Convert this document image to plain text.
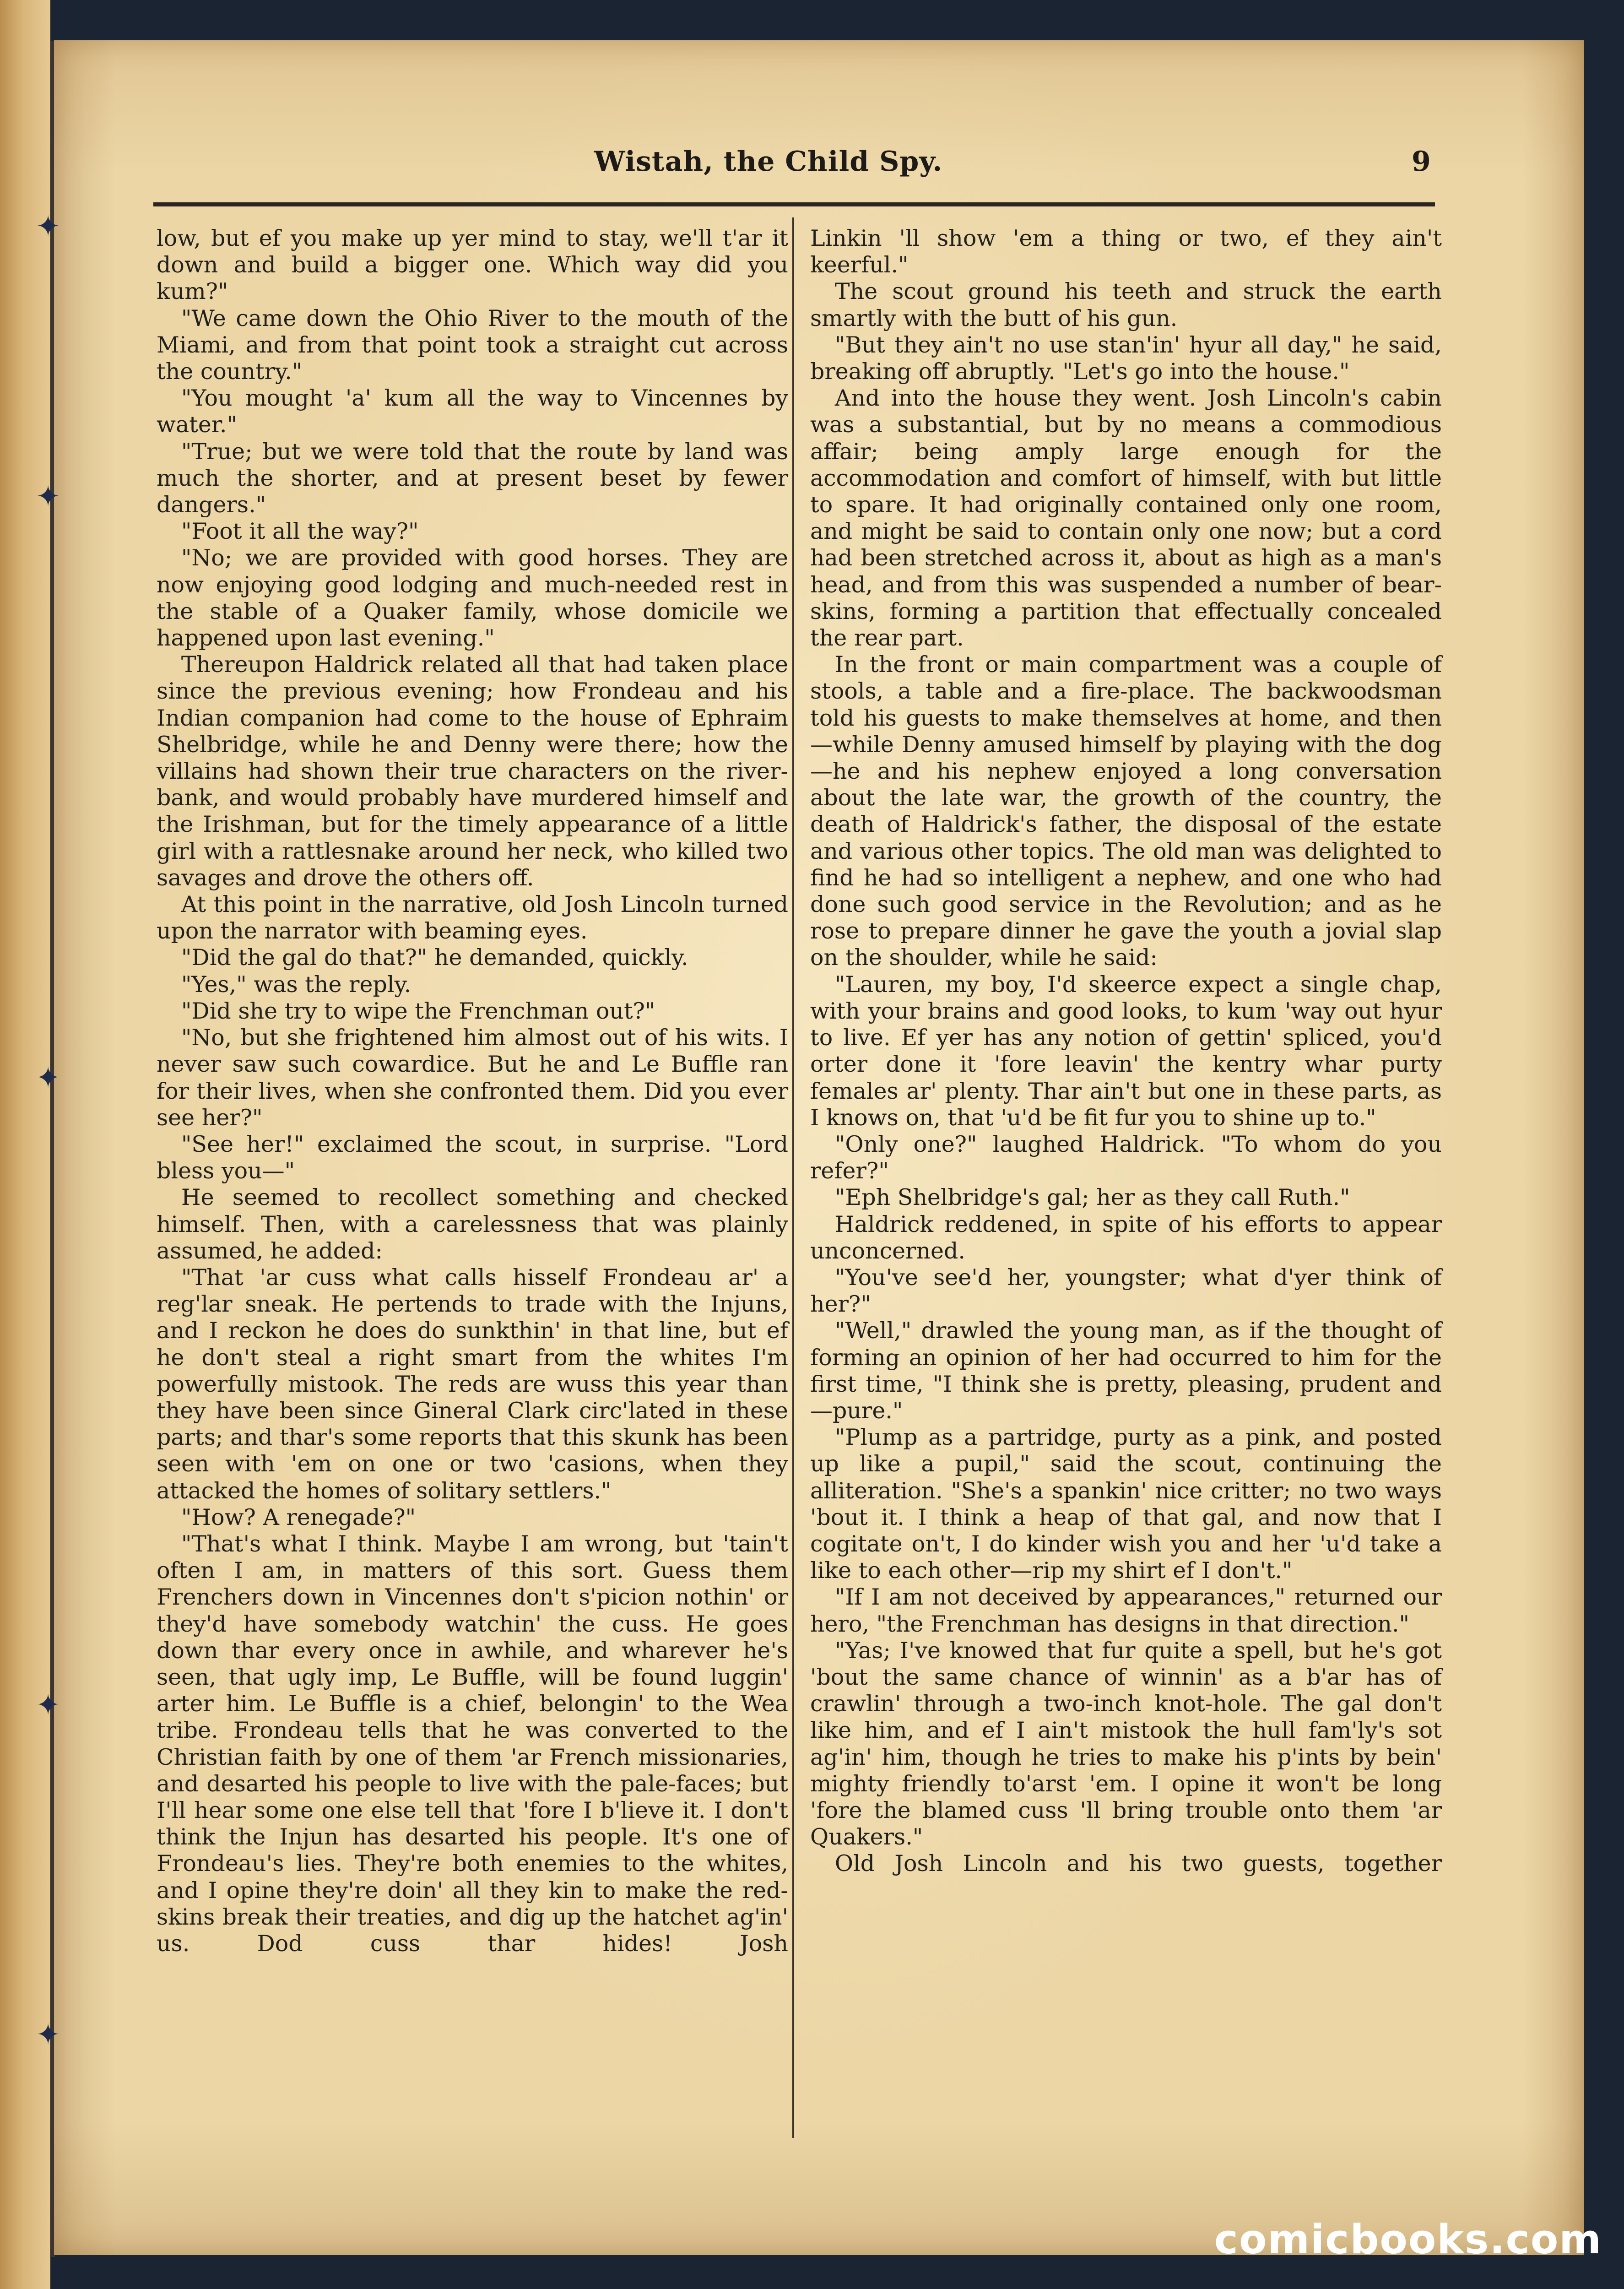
✦
✦
✦
✦
✦
Wistah, the Child Spy.	9

low, but ef you make up yer mind to stay, we'll t'ar it down and build a bigger one. Which way did you kum?"

"We came down the Ohio River to the mouth of the Miami, and from that point took a straight cut across the country."

"You mought 'a' kum all the way to Vincennes by water."

"True; but we were told that the route by land was much the shorter, and at present beset by fewer dangers."

"Foot it all the way?"

"No; we are provided with good horses. They are now enjoying good lodging and much-needed rest in the stable of a Quaker family, whose domicile we happened upon last evening."

Thereupon Haldrick related all that had taken place since the previous evening; how Frondeau and his Indian companion had come to the house of Ephraim Shelbridge, while he and Denny were there; how the villains had shown their true characters on the river-bank, and would probably have murdered himself and the Irishman, but for the timely appearance of a little girl with a rattlesnake around her neck, who killed two savages and drove the others off.

At this point in the narrative, old Josh Lincoln turned upon the narrator with beaming eyes.

"Did the gal do that?" he demanded, quickly.

"Yes," was the reply.

"Did she try to wipe the Frenchman out?"

"No, but she frightened him almost out of his wits. I never saw such cowardice. But he and Le Buffle ran for their lives, when she confronted them. Did you ever see her?"

"See her!" exclaimed the scout, in surprise. "Lord bless you—"

He seemed to recollect something and checked himself. Then, with a carelessness that was plainly assumed, he added:

"That 'ar cuss what calls hisself Frondeau ar' a reg'lar sneak. He pertends to trade with the Injuns, and I reckon he does do sunkthin' in that line, but ef he don't steal a right smart from the whites I'm powerfully mistook. The reds are wuss this year than they have been since Gineral Clark circ'lated in these parts; and thar's some reports that this skunk has been seen with 'em on one or two 'casions, when they attacked the homes of solitary settlers."

"How? A renegade?"

"That's what I think. Maybe I am wrong, but 'tain't often I am, in matters of this sort. Guess them Frenchers down in Vincennes don't s'picion nothin' or they'd have somebody watchin' the cuss. He goes down thar every once in awhile, and wharever he's seen, that ugly imp, Le Buffle, will be found luggin' arter him. Le Buffle is a chief, belongin' to the Wea tribe. Frondeau tells that he was converted to the Christian faith by one of them 'ar French missionaries, and desarted his people to live with the pale-faces; but I'll hear some one else tell that 'fore I b'lieve it. I don't think the Injun has desarted his people. It's one of Frondeau's lies. They're both enemies to the whites, and I opine they're doin' all they kin to make the red-skins break their treaties, and dig up the hatchet ag'in' us. Dod cuss thar hides! Josh

Linkin 'll show 'em a thing or two, ef they ain't keerful."

The scout ground his teeth and struck the earth smartly with the butt of his gun.

"But they ain't no use stan'in' hyur all day," he said, breaking off abruptly. "Let's go into the house."

And into the house they went. Josh Lincoln's cabin was a substantial, but by no means a commodious affair; being amply large enough for the accommodation and comfort of himself, with but little to spare. It had originally contained only one room, and might be said to contain only one now; but a cord had been stretched across it, about as high as a man's head, and from this was suspended a number of bear-skins, forming a partition that effectually concealed the rear part.

In the front or main compartment was a couple of stools, a table and a fire-place. The backwoodsman told his guests to make themselves at home, and then—while Denny amused himself by playing with the dog—he and his nephew enjoyed a long conversation about the late war, the growth of the country, the death of Haldrick's father, the disposal of the estate and various other topics. The old man was delighted to find he had so intelligent a nephew, and one who had done such good service in the Revolution; and as he rose to prepare dinner he gave the youth a jovial slap on the shoulder, while he said:

"Lauren, my boy, I'd skeerce expect a single chap, with your brains and good looks, to kum 'way out hyur to live. Ef yer has any notion of gettin' spliced, you'd orter done it 'fore leavin' the kentry whar purty females ar' plenty. Thar ain't but one in these parts, as I knows on, that 'u'd be fit fur you to shine up to."

"Only one?" laughed Haldrick. "To whom do you refer?"

"Eph Shelbridge's gal; her as they call Ruth."

Haldrick reddened, in spite of his efforts to appear unconcerned.

"You've see'd her, youngster; what d'yer think of her?"

"Well," drawled the young man, as if the thought of forming an opinion of her had occurred to him for the first time, "I think she is pretty, pleasing, prudent and—pure."

"Plump as a partridge, purty as a pink, and posted up like a pupil," said the scout, continuing the alliteration. "She's a spankin' nice critter; no two ways 'bout it. I think a heap of that gal, and now that I cogitate on't, I do kinder wish you and her 'u'd take a like to each other—rip my shirt ef I don't."

"If I am not deceived by appearances," returned our hero, "the Frenchman has designs in that direction."

"Yas; I've knowed that fur quite a spell, but he's got 'bout the same chance of winnin' as a b'ar has of crawlin' through a two-inch knot-hole. The gal don't like him, and ef I ain't mistook the hull fam'ly's sot ag'in' him, though he tries to make his p'ints by bein' mighty friendly to'arst 'em. I opine it won't be long 'fore the blamed cuss 'll bring trouble onto them 'ar Quakers."

Old Josh Lincoln and his two guests, together

comicbooks.com
